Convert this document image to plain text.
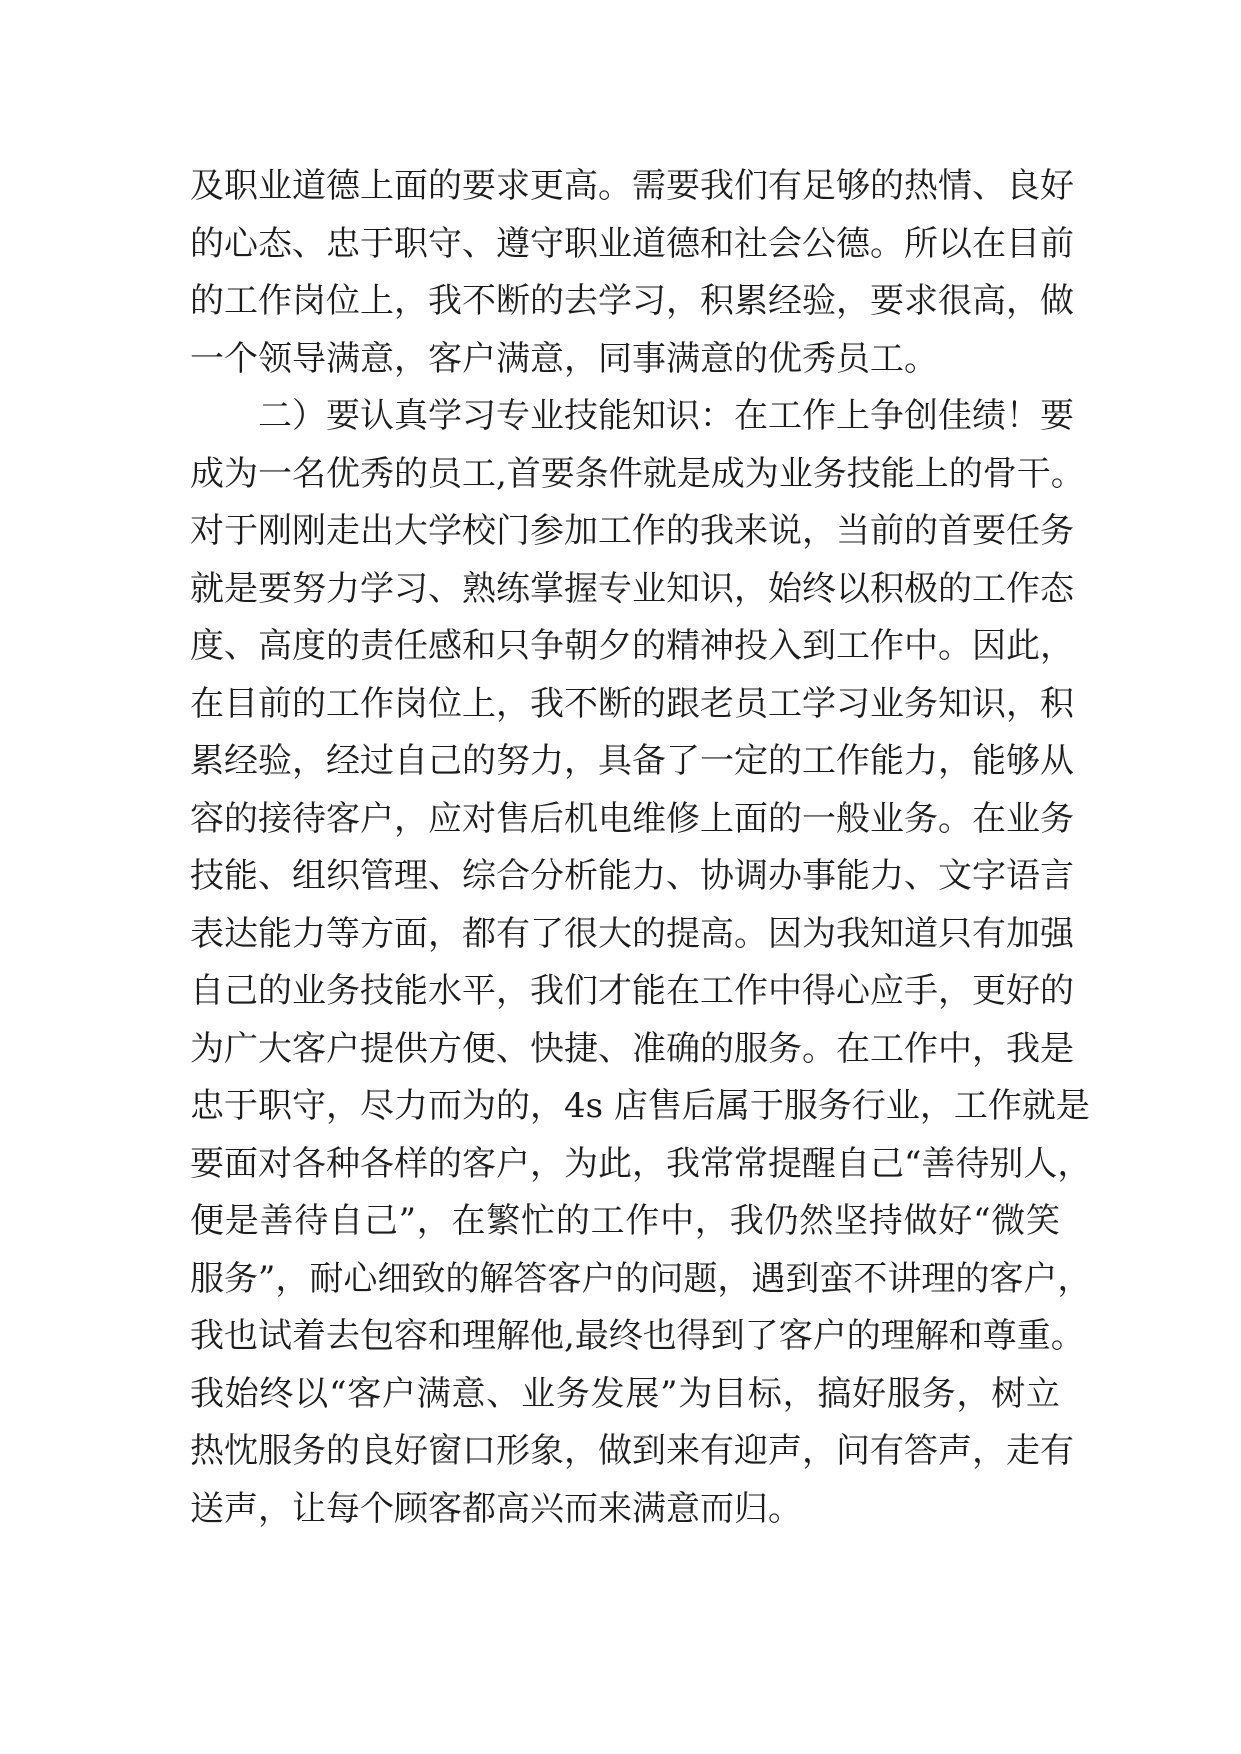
及职业道德上面的要求更高。需要我们有足够的热情、良好
的心态、忠于职守、遵守职业道德和社会公德。所以在目前
的工作岗位上，我不断的去学习，积累经验，要求很高，做
一个领导满意，客户满意，同事满意的优秀员工。
　　二）要认真学习专业技能知识：在工作上争创佳绩！要
成为一名优秀的员工,首要条件就是成为业务技能上的骨干。
对于刚刚走出大学校门参加工作的我来说，当前的首要任务
就是要努力学习、熟练掌握专业知识，始终以积极的工作态
度、高度的责任感和只争朝夕的精神投入到工作中。因此，
在目前的工作岗位上，我不断的跟老员工学习业务知识，积
累经验，经过自己的努力，具备了一定的工作能力，能够从
容的接待客户，应对售后机电维修上面的一般业务。在业务
技能、组织管理、综合分析能力、协调办事能力、文字语言
表达能力等方面，都有了很大的提高。因为我知道只有加强
自己的业务技能水平，我们才能在工作中得心应手，更好的
为广大客户提供方便、快捷、准确的服务。在工作中，我是
忠于职守，尽力而为的，4s 店售后属于服务行业，工作就是
要面对各种各样的客户，为此，我常常提醒自己“善待别人，
便是善待自己”，在繁忙的工作中，我仍然坚持做好“微笑
服务”，耐心细致的解答客户的问题，遇到蛮不讲理的客户，
我也试着去包容和理解他,最终也得到了客户的理解和尊重。
我始终以“客户满意、业务发展”为目标，搞好服务，树立
热忱服务的良好窗口形象，做到来有迎声，问有答声，走有
送声，让每个顾客都高兴而来满意而归。
